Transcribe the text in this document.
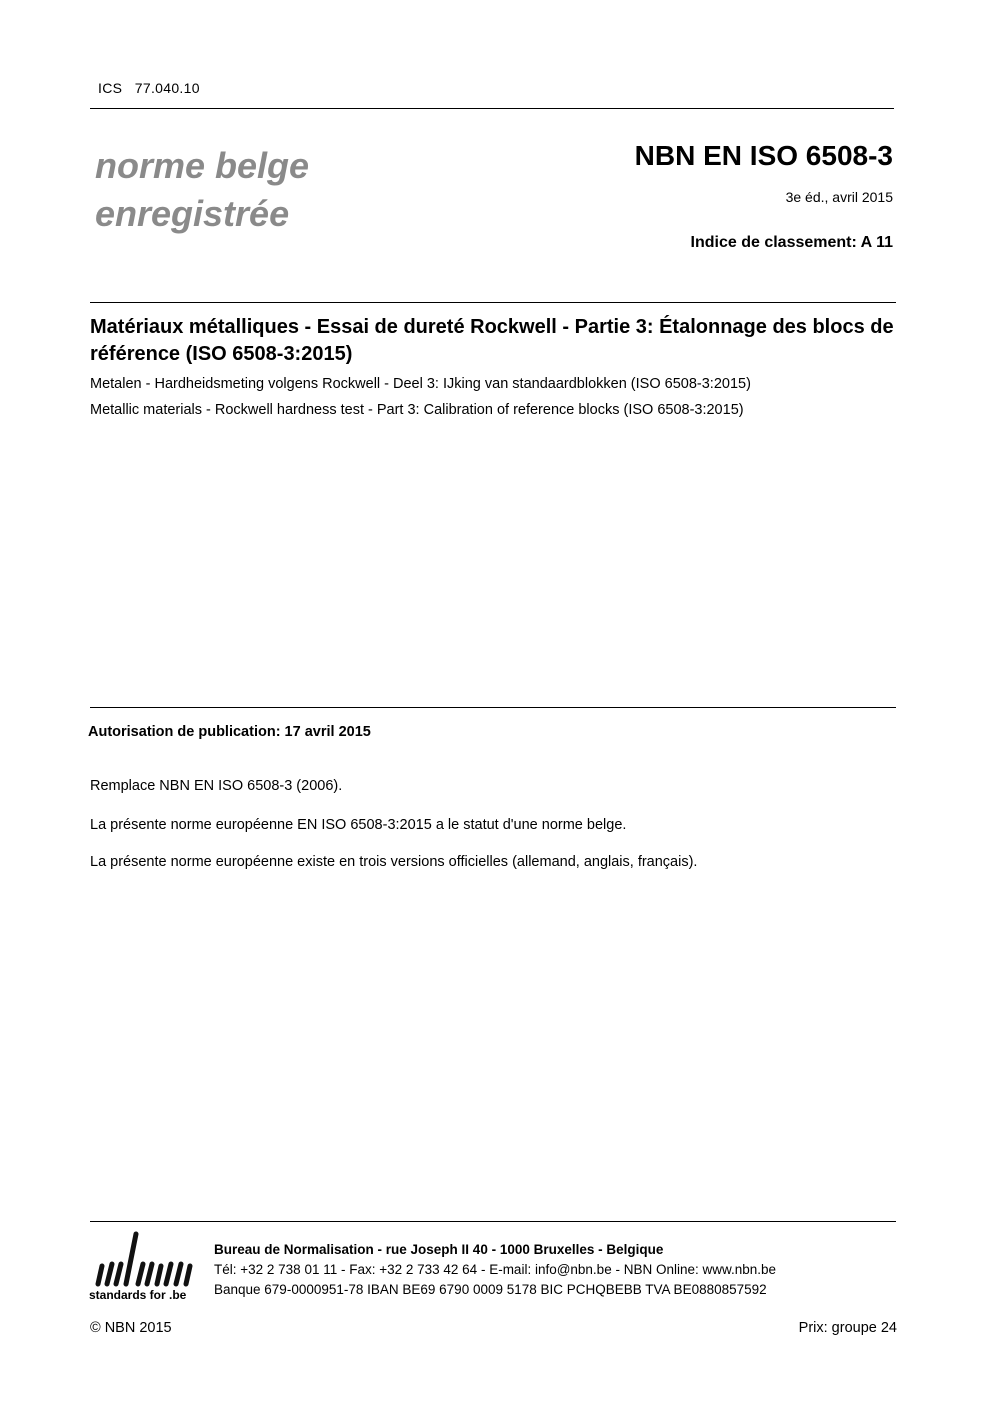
ICS   77.040.10
norme belge
enregistrée
NBN EN ISO 6508-3
3e éd., avril 2015
Indice de classement: A 11
Matériaux métalliques - Essai de dureté Rockwell - Partie 3: Étalonnage des blocs de référence (ISO 6508-3:2015)
Metalen - Hardheidsmeting volgens Rockwell - Deel 3: IJking van standaardblokken (ISO 6508-3:2015)
Metallic materials - Rockwell hardness test - Part 3: Calibration of reference blocks (ISO 6508-3:2015)
Autorisation de publication: 17 avril 2015
Remplace NBN EN ISO 6508-3 (2006).
La présente norme européenne EN ISO 6508-3:2015 a le statut d'une norme belge.
La présente norme européenne existe en trois versions officielles (allemand, anglais, français).
standards for .be
Bureau de Normalisation - rue Joseph II 40 - 1000 Bruxelles - Belgique
Tél: +32 2 738 01 11 - Fax: +32 2 733 42 64 - E-mail: info@nbn.be - NBN Online: www.nbn.be
Banque 679-0000951-78 IBAN BE69 6790 0009 5178 BIC PCHQBEBB TVA BE0880857592
© NBN 2015	Prix: groupe 24
